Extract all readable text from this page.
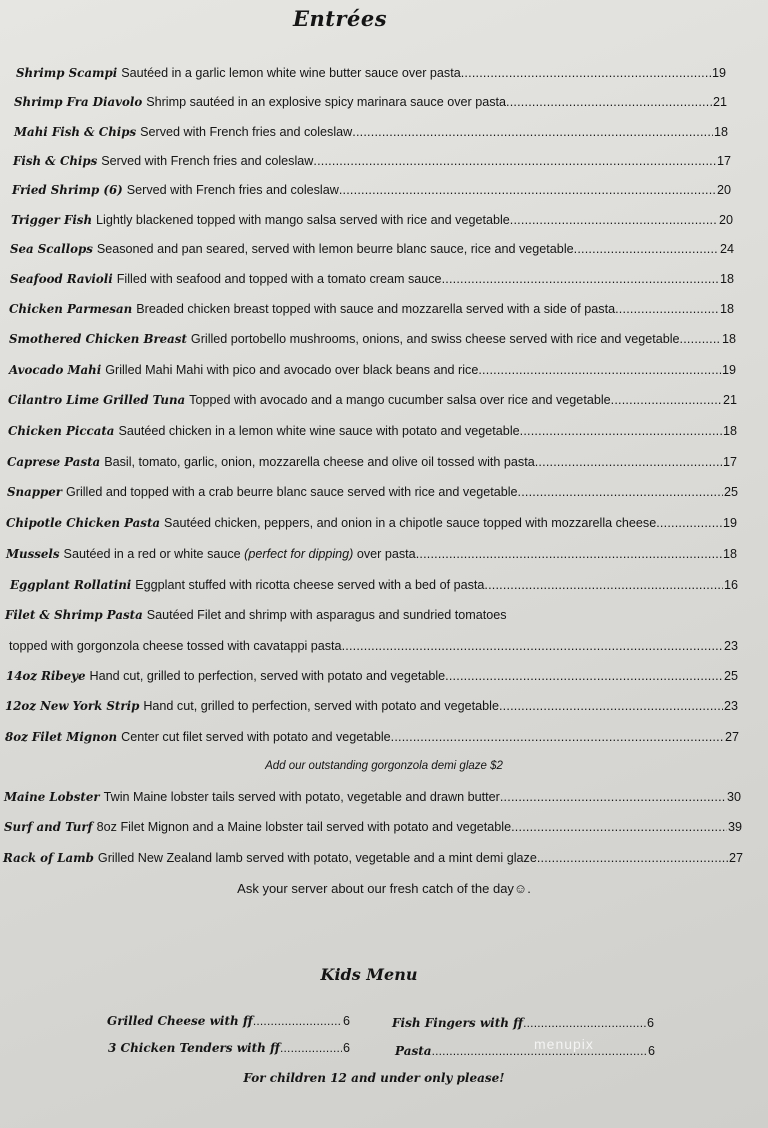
Entrées
Shrimp Scampi Sautéed in a garlic lemon white wine butter sauce over pasta .....	19
Shrimp Fra Diavolo Shrimp sautéed in an explosive spicy marinara sauce over pasta .....	21
Mahi Fish & Chips Served with French fries and coleslaw .....	18
Fish & Chips Served with French fries and coleslaw .....	17
Fried Shrimp (6) Served with French fries and coleslaw .....	20
Trigger Fish Lightly blackened topped with mango salsa served with rice and vegetable .....	20
Sea Scallops Seasoned and pan seared, served with lemon beurre blanc sauce, rice and vegetable .....	24
Seafood Ravioli Filled with seafood and topped with a tomato cream sauce .....	18
Chicken Parmesan Breaded chicken breast topped with sauce and mozzarella served with a side of pasta .....	18
Smothered Chicken Breast Grilled portobello mushrooms, onions, and swiss cheese served with rice and vegetable .....	18
Avocado Mahi Grilled Mahi Mahi with pico and avocado over black beans and rice .....	19
Cilantro Lime Grilled Tuna Topped with avocado and a mango cucumber salsa over rice and vegetable .....	21
Chicken Piccata Sautéed chicken in a lemon white wine sauce with potato and vegetable .....	18
Caprese Pasta Basil, tomato, garlic, onion, mozzarella cheese and olive oil tossed with pasta .....	17
Snapper Grilled and topped with a crab beurre blanc sauce served with rice and vegetable .....	25
Chipotle Chicken Pasta Sautéed chicken, peppers, and onion in a chipotle sauce topped with mozzarella cheese .....	19
Mussels Sautéed in a red or white sauce (perfect for dipping) over pasta .....	18
Eggplant Rollatini Eggplant stuffed with ricotta cheese served with a bed of pasta .....	16
Filet & Shrimp Pasta Sautéed Filet and shrimp with asparagus and sundried tomatoes
topped with gorgonzola cheese tossed with cavatappi pasta .....	23
14oz Ribeye Hand cut, grilled to perfection, served with potato and vegetable .....	25
12oz New York Strip Hand cut, grilled to perfection, served with potato and vegetable .....	23
8oz Filet Mignon Center cut filet served with potato and vegetable .....	27
Add our outstanding gorgonzola demi glaze $2
Maine Lobster Twin Maine lobster tails served with potato, vegetable and drawn butter .....	30
Surf and Turf 8oz Filet Mignon and a Maine lobster tail served with potato and vegetable .....	39
Rack of Lamb Grilled New Zealand lamb served with potato, vegetable and a mint demi glaze .....	27
Ask your server about our fresh catch of the day☺.
Kids Menu
Grilled Cheese with ff .....	6	Fish Fingers with ff .....	6
3 Chicken Tenders with ff .....	6	Pasta .....	6
For children 12 and under only please!
menupix
